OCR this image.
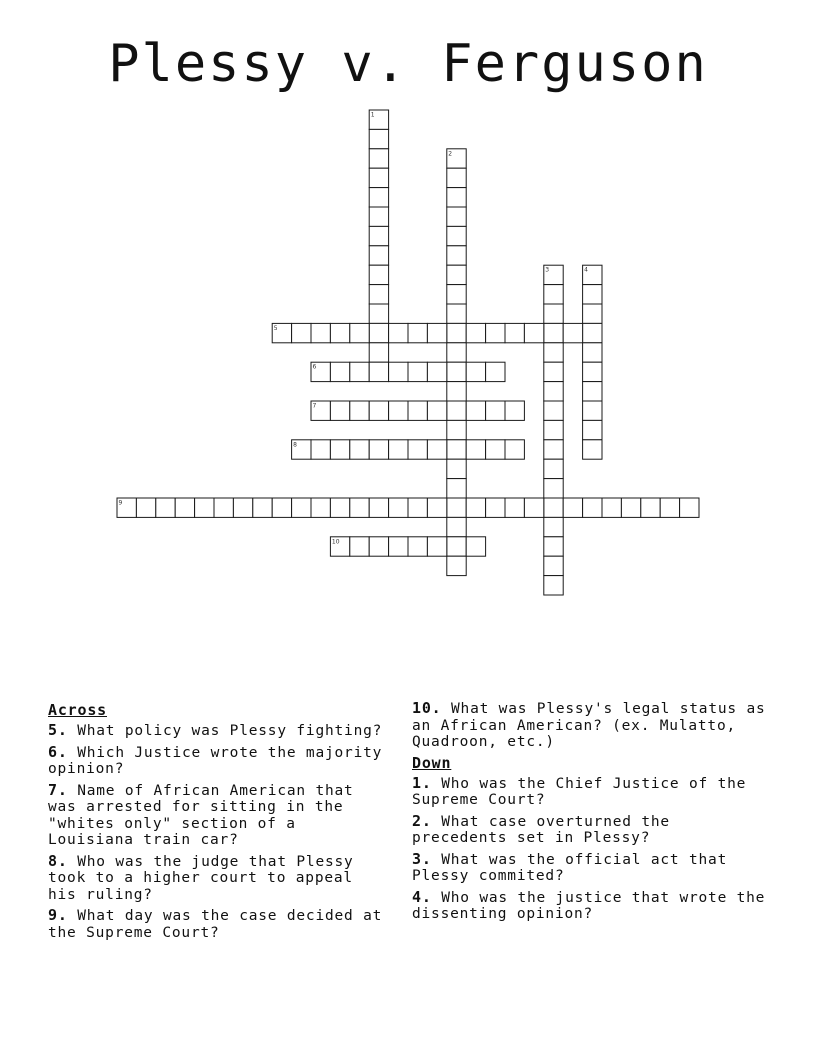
Plessy v. Ferguson
1
2
3	4
5
6
7
8
9
10
Across
5. What policy was Plessy fighting?
6. Which Justice wrote the majority opinion?
7. Name of African American that was arrested for sitting in the "whites only" section of a Louisiana train car?
8. Who was the judge that Plessy took to a higher court to appeal his ruling?
9. What day was the case decided at the Supreme Court?
10. What was Plessy's legal status as an African American? (ex. Mulatto, Quadroon, etc.)
Down
1. Who was the Chief Justice of the Supreme Court?
2. What case overturned the precedents set in Plessy?
3. What was the official act that Plessy commited?
4. Who was the justice that wrote the dissenting opinion?
